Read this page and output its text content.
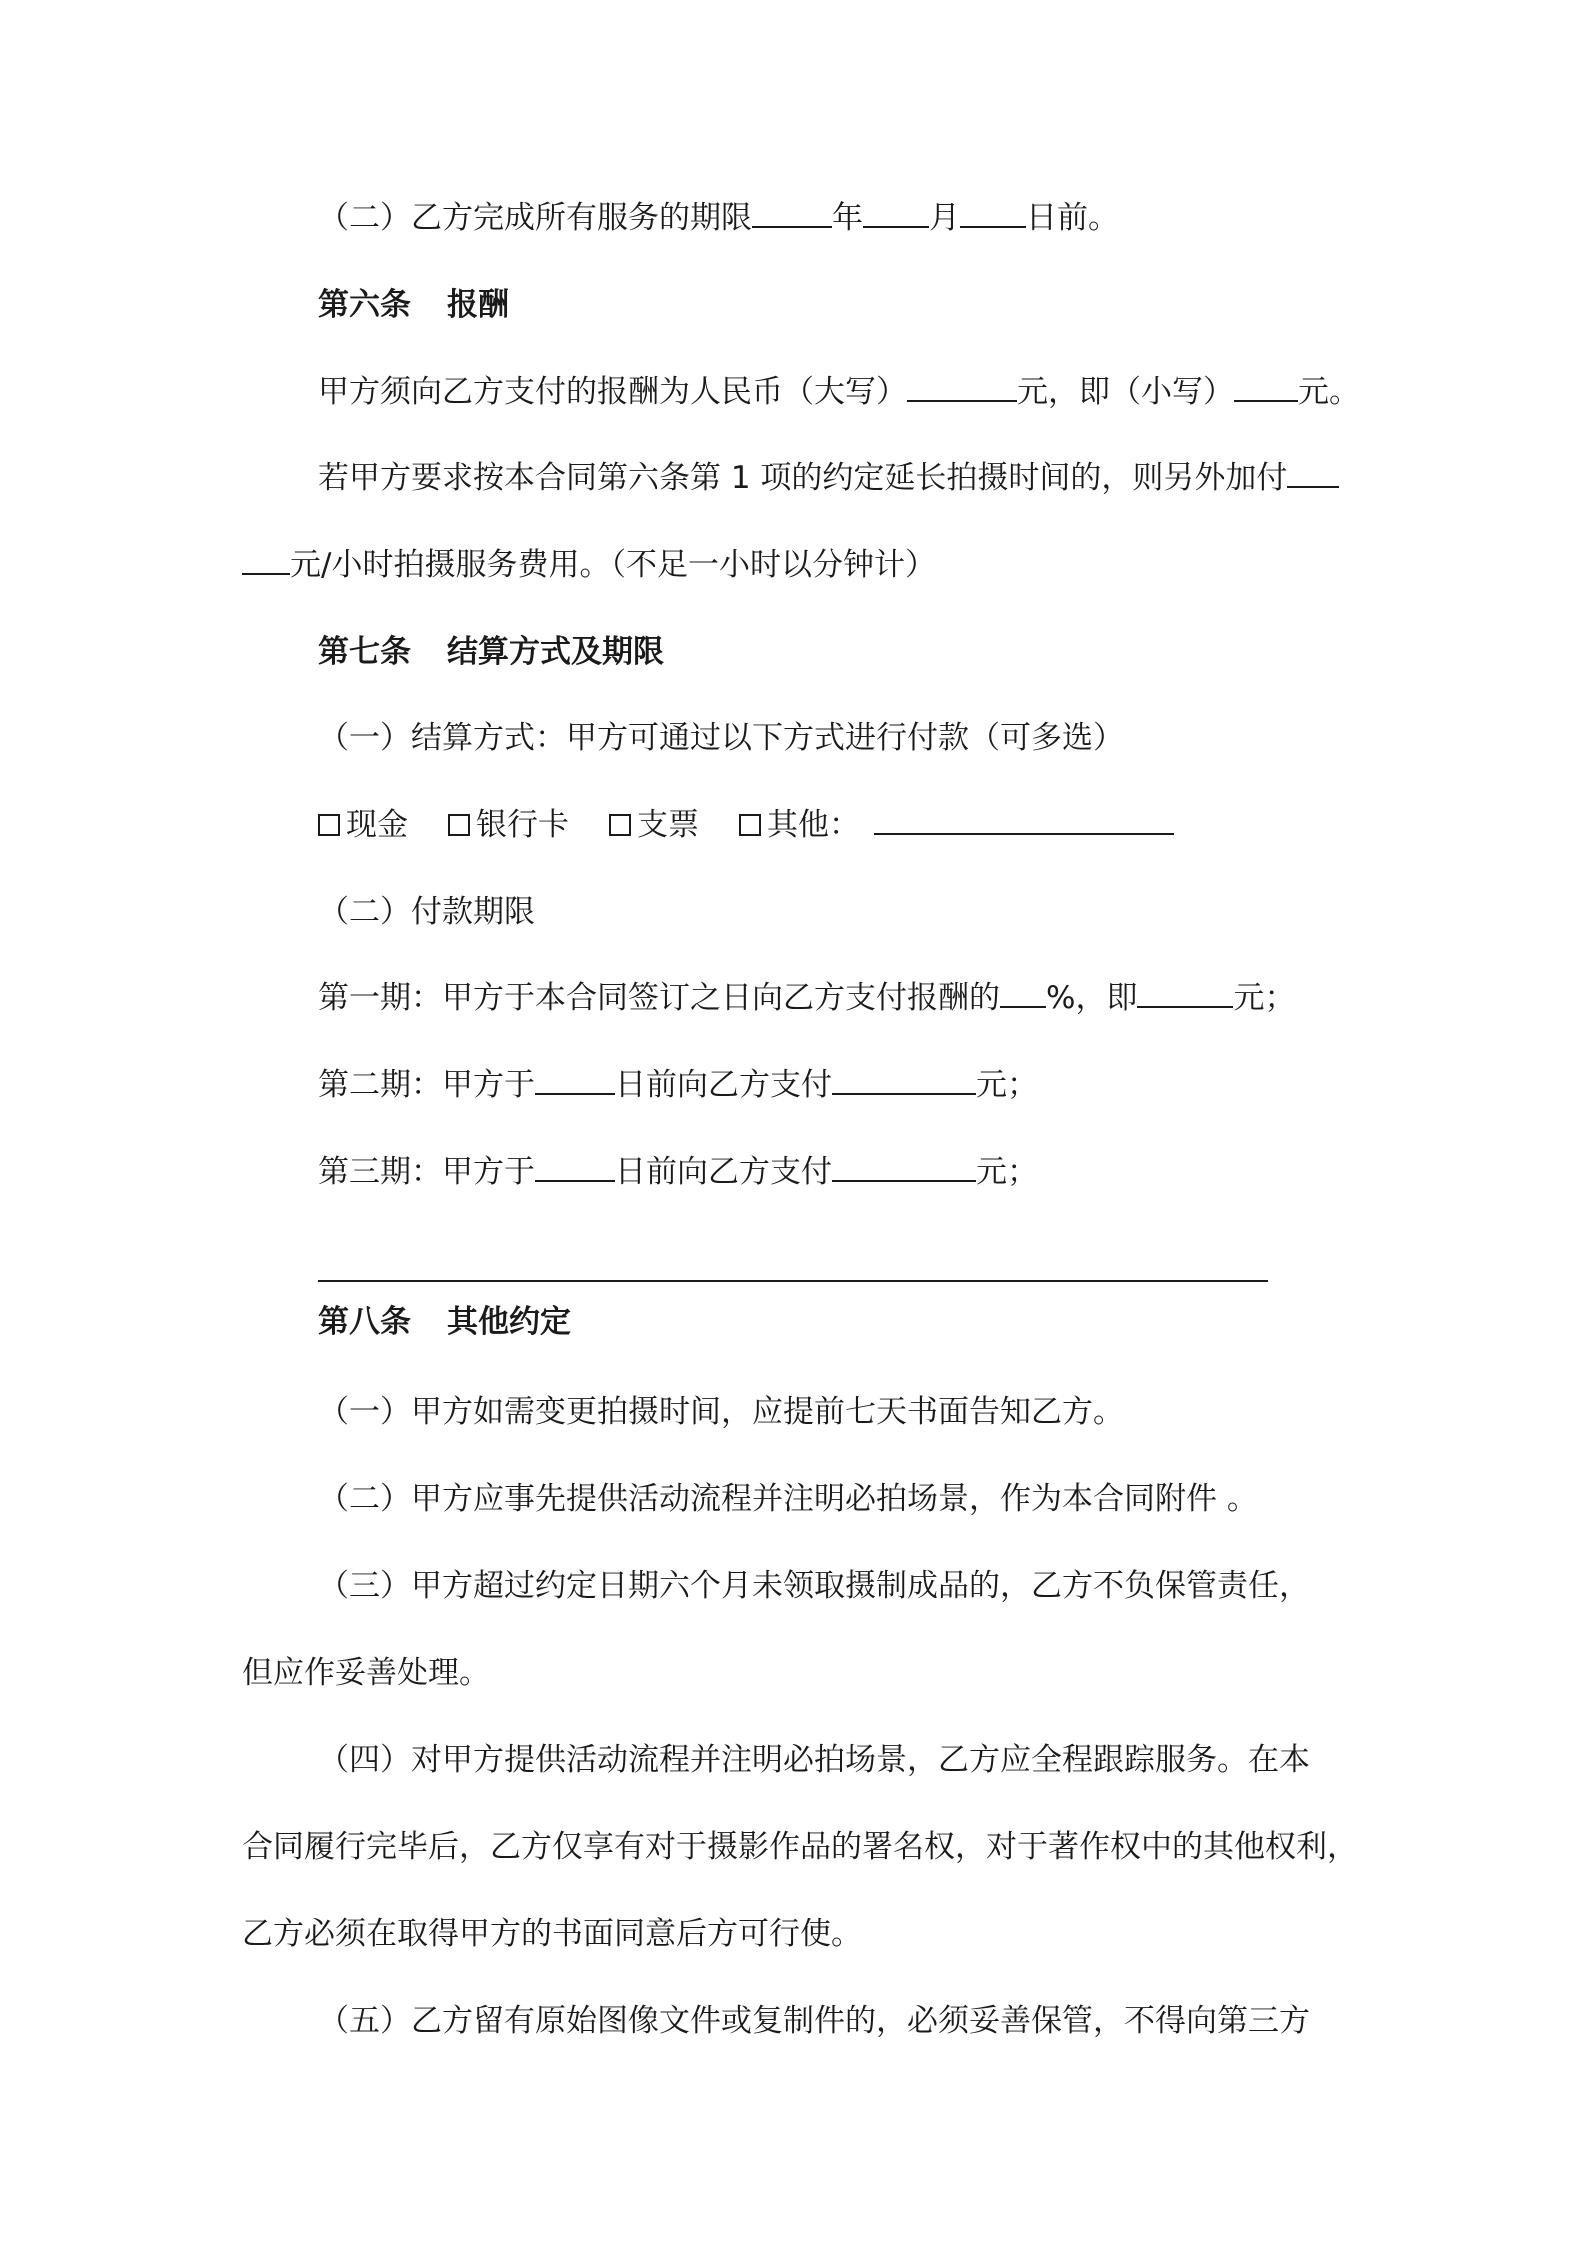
（二）乙方完成所有服务的期限	年 月 日前。
第六条 报酬
甲方须向乙方支付的报酬为人民币（大写）	元，即（小写） 元。
若甲方要求按本合同第六条第 1 项的约定延长拍摄时间的，则另外加付
元/小时拍摄服务费用。（不足一小时以分钟计）
第七条 结算方式及期限
（一）结算方式：甲方可通过以下方式进行付款（可多选）
现金 银行卡 支票 其他：
（二）付款期限
第一期：甲方于本合同签订之日向乙方支付报酬的 %，即	元；
第二期：甲方于	日前向乙方支付	元；
第三期：甲方于	日前向乙方支付	元；
第八条 其他约定
（一）甲方如需变更拍摄时间，应提前七天书面告知乙方。
（二）甲方应事先提供活动流程并注明必拍场景，作为本合同附件 。
（三）甲方超过约定日期六个月未领取摄制成品的，乙方不负保管责任，
但应作妥善处理。
（四）对甲方提供活动流程并注明必拍场景，乙方应全程跟踪服务。在本
合同履行完毕后，乙方仅享有对于摄影作品的署名权，对于著作权中的其他权利，
乙方必须在取得甲方的书面同意后方可行使。
（五）乙方留有原始图像文件或复制件的，必须妥善保管，不得向第三方
